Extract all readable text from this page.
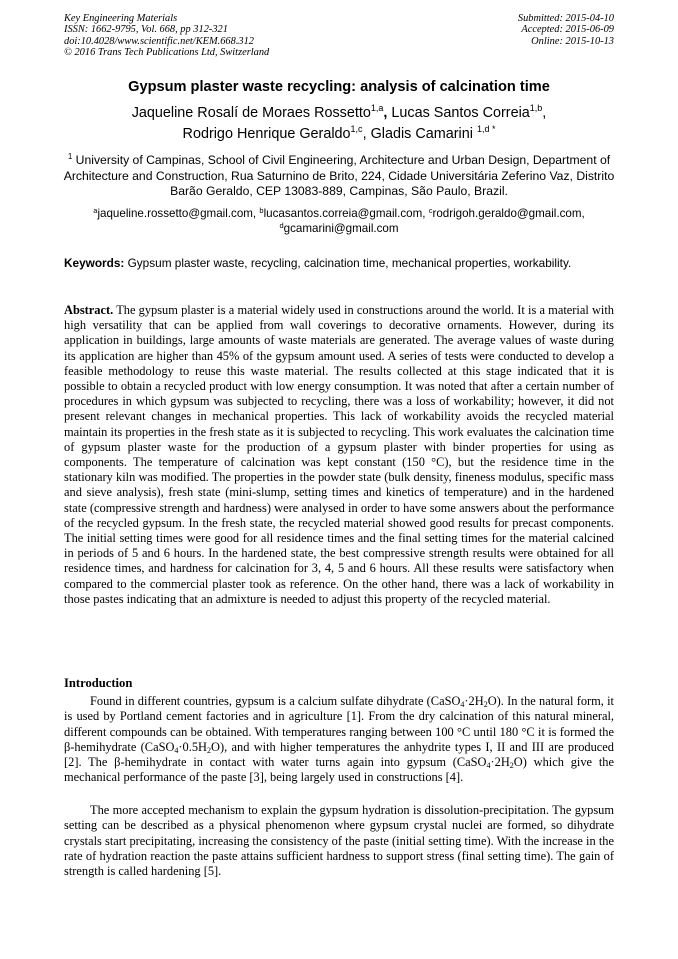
Key Engineering Materials
ISSN: 1662-9795, Vol. 668, pp 312-321
doi:10.4028/www.scientific.net/KEM.668.312
© 2016 Trans Tech Publications Ltd, Switzerland
Submitted: 2015-04-10
Accepted: 2015-06-09
Online: 2015-10-13
Gypsum plaster waste recycling: analysis of calcination time
Jaqueline Rosalí de Moraes Rossetto$^{1,a}$, Lucas Santos Correia$^{1,b}$,
Rodrigo Henrique Geraldo$^{1,c}$, Gladis Camarini $^{1,d *}$
$^1$ University of Campinas, School of Civil Engineering, Architecture and Urban Design, Department of Architecture and Construction, Rua Saturnino de Brito, 224, Cidade Universitária Zeferino Vaz, Distrito Barão Geraldo, CEP 13083-889, Campinas, São Paulo, Brazil.
$^a$jaqueline.rossetto@gmail.com, $^b$lucasantos.correia@gmail.com, $^c$rodrigoh.geraldo@gmail.com,
$^d$gcamarini@gmail.com
Keywords: Gypsum plaster waste, recycling, calcination time, mechanical properties, workability.
Abstract. The gypsum plaster is a material widely used in constructions around the world. It is a material with high versatility that can be applied from wall coverings to decorative ornaments. However, during its application in buildings, large amounts of waste materials are generated. The average values of waste during its application are higher than 45% of the gypsum amount used. A series of tests were conducted to develop a feasible methodology to reuse this waste material. The results collected at this stage indicated that it is possible to obtain a recycled product with low energy consumption. It was noted that after a certain number of procedures in which gypsum was subjected to recycling, there was a loss of workability; however, it did not present relevant changes in mechanical properties. This lack of workability avoids the recycled material maintain its properties in the fresh state as it is subjected to recycling. This work evaluates the calcination time of gypsum plaster waste for the production of a gypsum plaster with binder properties for using as components. The temperature of calcination was kept constant (150 °C), but the residence time in the stationary kiln was modified. The properties in the powder state (bulk density, fineness modulus, specific mass and sieve analysis), fresh state (mini-slump, setting times and kinetics of temperature) and in the hardened state (compressive strength and hardness) were analysed in order to have some answers about the performance of the recycled gypsum. In the fresh state, the recycled material showed good results for precast components. The initial setting times were good for all residence times and the final setting times for the material calcined in periods of 5 and 6 hours. In the hardened state, the best compressive strength results were obtained for all residence times, and hardness for calcination for 3, 4, 5 and 6 hours. All these results were satisfactory when compared to the commercial plaster took as reference. On the other hand, there was a lack of workability in those pastes indicating that an admixture is needed to adjust this property of the recycled material.
Introduction
Found in different countries, gypsum is a calcium sulfate dihydrate $(CaSO_4\cdot 2H_2O)$. In the natural form, it is used by Portland cement factories and in agriculture [1]. From the dry calcination of this natural mineral, different compounds can be obtained. With temperatures ranging between 100 °C until 180 °C it is formed the β-hemihydrate $(CaSO_4\cdot 0.5H_2O)$, and with higher temperatures the anhydrite types I, II and III are produced [2]. The β-hemihydrate in contact with water turns again into gypsum $(CaSO_4\cdot 2H_2O)$ which give the mechanical performance of the paste [3], being largely used in constructions [4].
The more accepted mechanism to explain the gypsum hydration is dissolution-precipitation. The gypsum setting can be described as a physical phenomenon where gypsum crystal nuclei are formed, so dihydrate crystals start precipitating, increasing the consistency of the paste (initial setting time). With the increase in the rate of hydration reaction the paste attains sufficient hardness to support stress (final setting time). The gain of strength is called hardening [5].
